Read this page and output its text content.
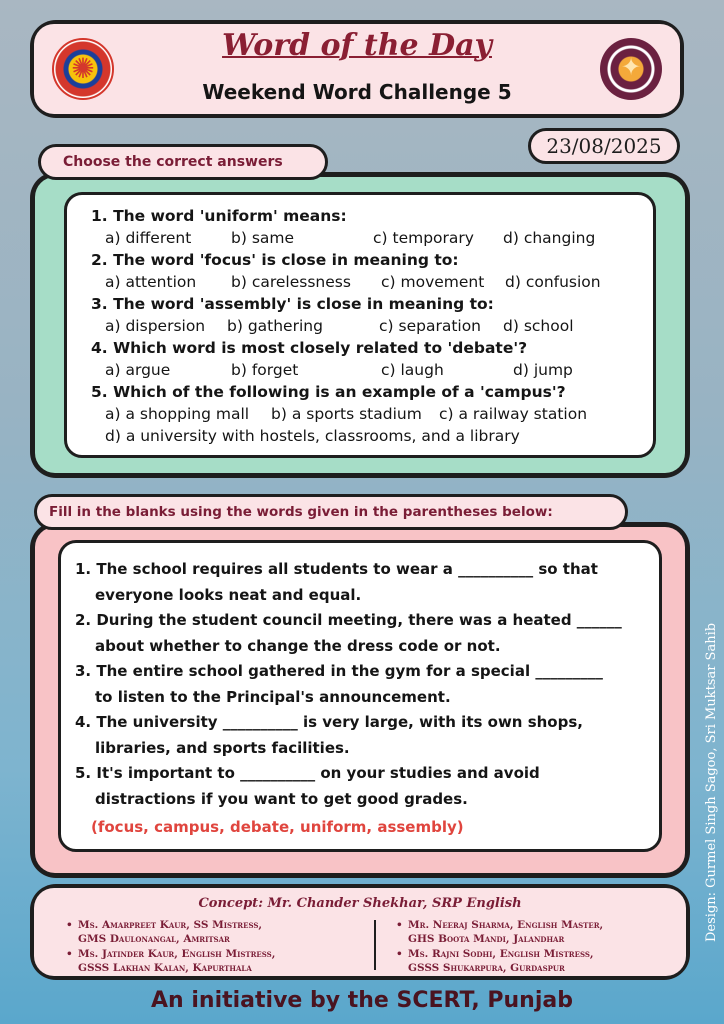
✺
Word of the Day
Weekend Word Challenge 5
✦
23/08/2025
Choose the correct answers
1. The word 'uniform' means:
a) different	b) same	c) temporary d) changing
2. The word 'focus' is close in meaning to:
a) attention b) carelessness c) movement d) confusion
3. The word 'assembly' is close in meaning to:
a) dispersion b) gathering	c) separation d) school
4. Which word is most closely related to 'debate'?
a) argue	b) forget	c) laugh	d) jump
5. Which of the following is an example of a 'campus'?
a) a shopping mall b) a sports stadium c) a railway station
d) a university with hostels, classrooms, and a library
Fill in the blanks using the words given in the parentheses below:
1. The school requires all students to wear a __________ so that
everyone looks neat and equal.
2. During the student council meeting, there was a heated ______
about whether to change the dress code or not.
3. The entire school gathered in the gym for a special _________
to listen to the Principal's announcement.
4. The university __________ is very large, with its own shops,
libraries, and sports facilities.
5. It's important to __________ on your studies and avoid
distractions if you want to get good grades.
(focus, campus, debate, uniform, assembly)
Concept: Mr. Chander Shekhar, SRP English
• Ms. Amarpreet Kaur, SS Mistress,
GMS Daulonangal, Amritsar
• Ms. Jatinder Kaur, English Mistress,
GSSS Lakhan Kalan, Kapurthala
• Mr. Neeraj Sharma, English Master,
GHS Boota Mandi, Jalandhar
• Ms. Rajni Sodhi, English Mistress,
GSSS Shukarpura, Gurdaspur
An initiative by the SCERT, Punjab
Design: Gurmel Singh Sagoo, Sri Muktsar Sahib
